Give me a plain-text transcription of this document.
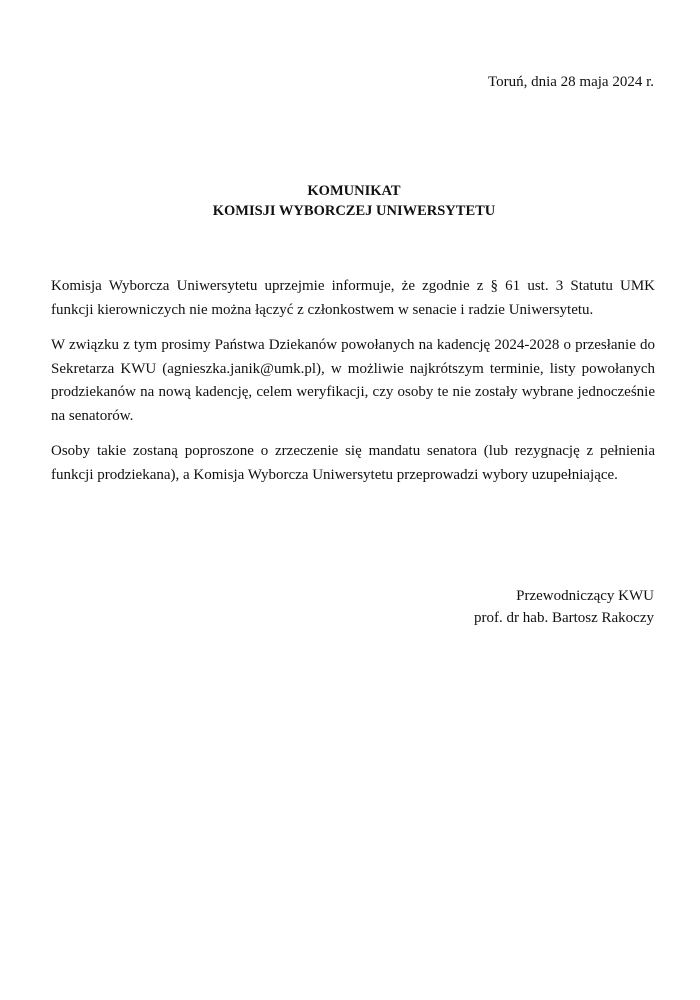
Toruń, dnia 28 maja 2024 r.
KOMUNIKAT
KOMISJI WYBORCZEJ UNIWERSYTETU

Komisja Wyborcza Uniwersytetu uprzejmie informuje, że zgodnie z § 61 ust. 3 Statutu UMK funkcji kierowniczych nie można łączyć z członkostwem w senacie i radzie Uniwersytetu.

W związku z tym prosimy Państwa Dziekanów powołanych na kadencję 2024-2028 o przesłanie do Sekretarza KWU (agnieszka.janik@umk.pl), w możliwie najkrótszym terminie, listy powołanych prodziekanów na nową kadencję, celem weryfikacji, czy osoby te nie zostały wybrane jednocześnie na senatorów.

Osoby takie zostaną poproszone o zrzeczenie się mandatu senatora (lub rezygnację z pełnienia funkcji prodziekana), a Komisja Wyborcza Uniwersytetu przeprowadzi wybory uzupełniające.

Przewodniczący KWU
prof. dr hab. Bartosz Rakoczy
